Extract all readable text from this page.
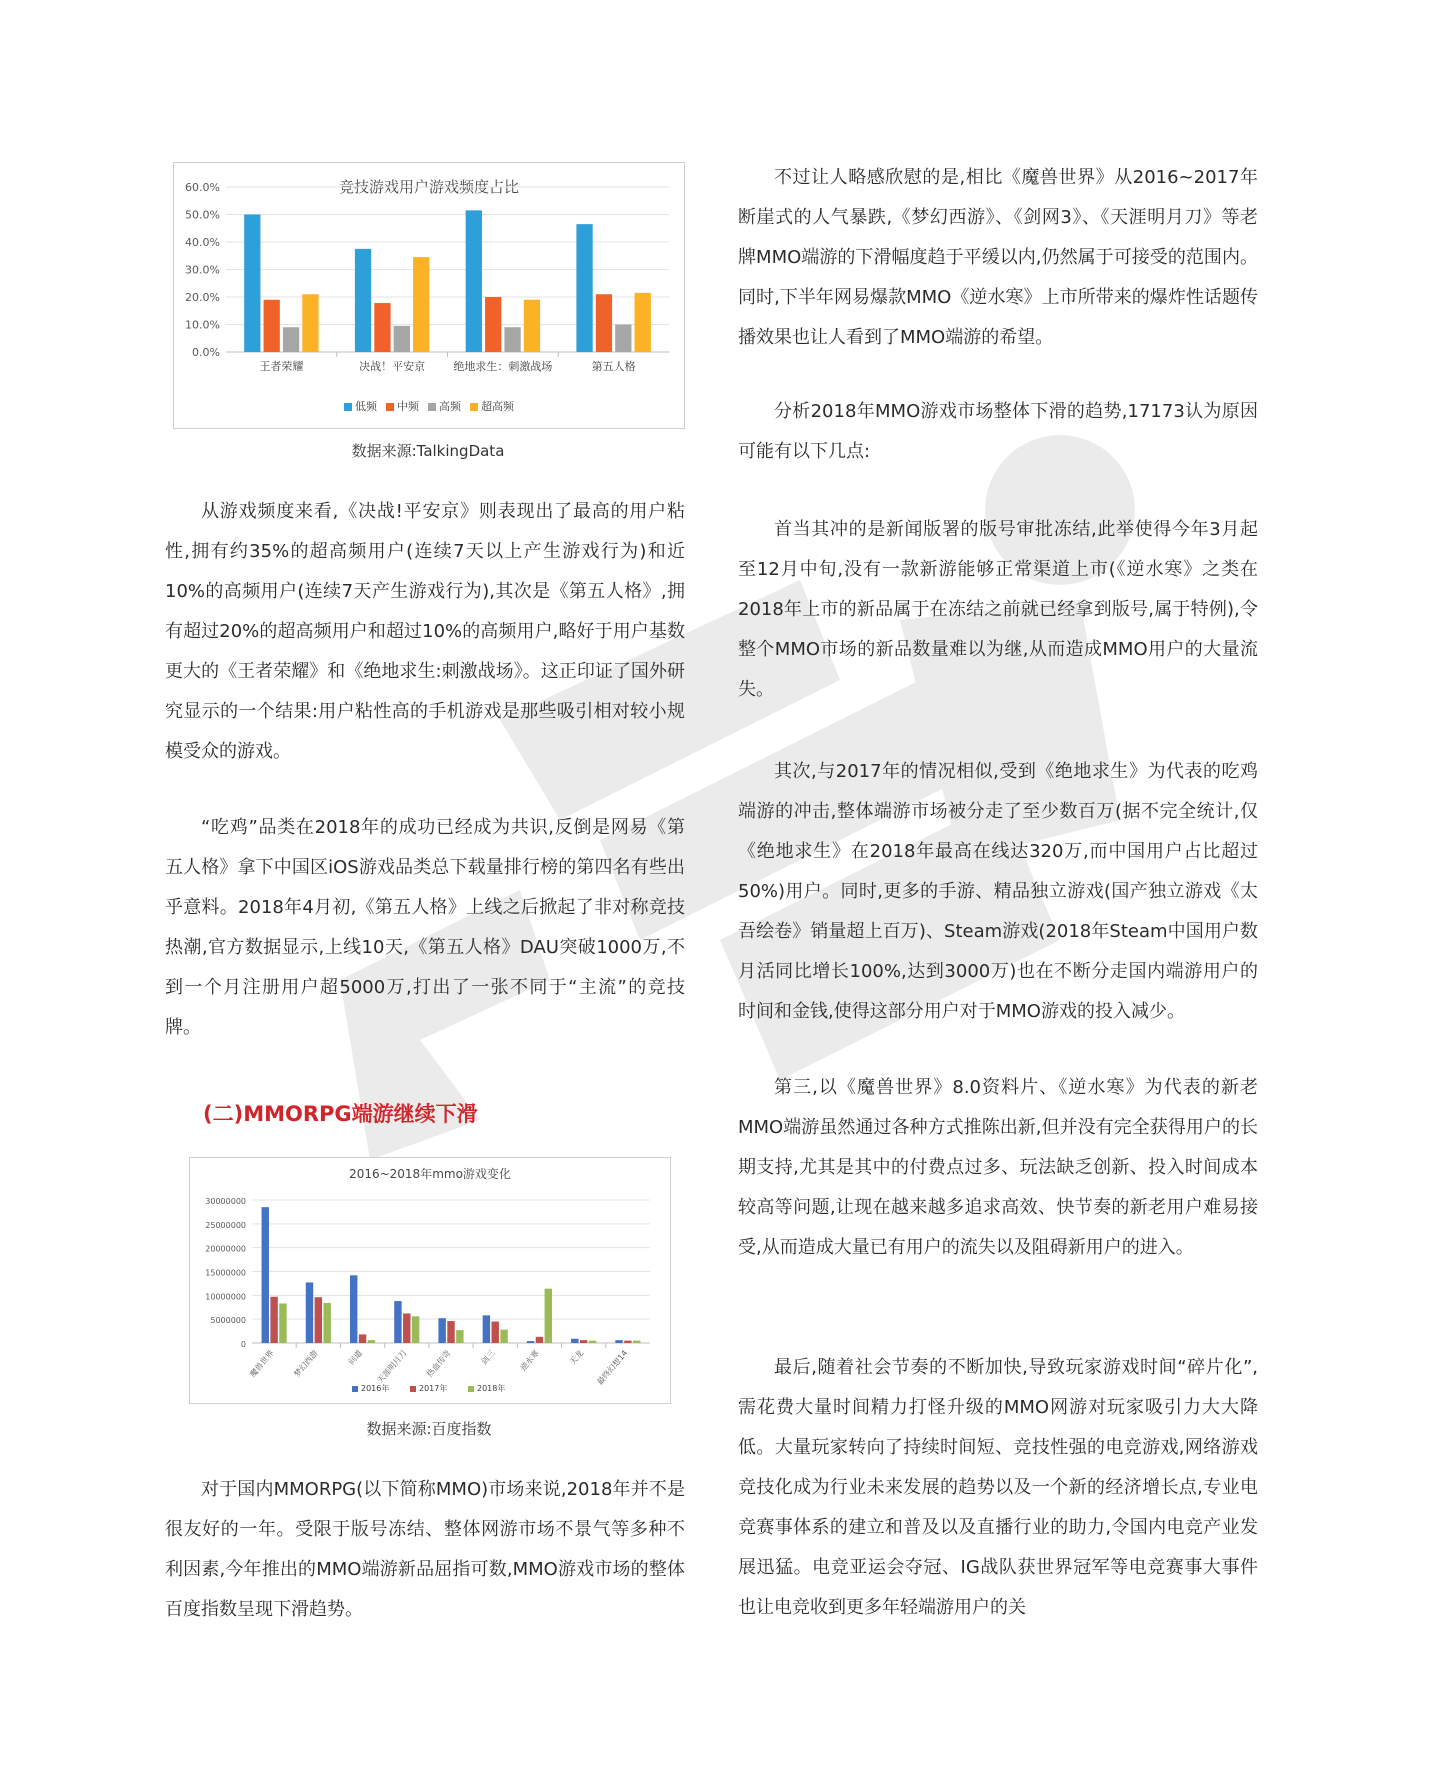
竞技游戏用户游戏频度占比
0.0%
10.0%
20.0%
30.0%
40.0%
50.0%
60.0%
王者荣耀	决战！平安京	绝地求生：刺激战场	第五人格
低频 中频 高频 超高频
数据来源:TalkingData

从游戏频度来看,《决战!平安京》则表现出了最高的用户粘性,拥有约35%的超高频用户(连续7天以上产生游戏行为)和近10%的高频用户(连续7天产生游戏行为),其次是《第五人格》,拥有超过20%的超高频用户和超过10%的高频用户,略好于用户基数更大的《王者荣耀》和《绝地求生:刺激战场》。这正印证了国外研究显示的一个结果:用户粘性高的手机游戏是那些吸引相对较小规模受众的游戏。

“吃鸡”品类在2018年的成功已经成为共识,反倒是网易《第五人格》拿下中国区iOS游戏品类总下载量排行榜的第四名有些出乎意料。2018年4月初,《第五人格》上线之后掀起了非对称竞技热潮,官方数据显示,上线10天,《第五人格》DAU突破1000万,不到一个月注册用户超5000万,打出了一张不同于“主流”的竞技牌。

(二)MMORPG端游继续下滑
2016~2018年mmo游戏变化
0
5000000
10000000
15000000
20000000
25000000
30000000
魔兽世界 梦幻西游	问道 天涯明月刀 热血传奇	剑三	逆水寒	天龙 最终幻想14
2016年	2017年	2018年
数据来源:百度指数

对于国内MMORPG(以下简称MMO)市场来说,2018年并不是很友好的一年。受限于版号冻结、整体网游市场不景气等多种不利因素,今年推出的MMO端游新品屈指可数,MMO游戏市场的整体百度指数呈现下滑趋势。

不过让人略感欣慰的是,相比《魔兽世界》从2016~2017年断崖式的人气暴跌,《梦幻西游》、《剑网3》、《天涯明月刀》等老牌MMO端游的下滑幅度趋于平缓以内,仍然属于可接受的范围内。同时,下半年网易爆款MMO《逆水寒》上市所带来的爆炸性话题传播效果也让人看到了MMO端游的希望。

分析2018年MMO游戏市场整体下滑的趋势,17173认为原因可能有以下几点:

首当其冲的是新闻版署的版号审批冻结,此举使得今年3月起至12月中旬,没有一款新游能够正常渠道上市(《逆水寒》之类在2018年上市的新品属于在冻结之前就已经拿到版号,属于特例),令整个MMO市场的新品数量难以为继,从而造成MMO用户的大量流失。

其次,与2017年的情况相似,受到《绝地求生》为代表的吃鸡端游的冲击,整体端游市场被分走了至少数百万(据不完全统计,仅《绝地求生》在2018年最高在线达320万,而中国用户占比超过50%)用户。同时,更多的手游、精品独立游戏(国产独立游戏《太吾绘卷》销量超上百万)、Steam游戏(2018年Steam中国用户数月活同比增长100%,达到3000万)也在不断分走国内端游用户的时间和金钱,使得这部分用户对于MMO游戏的投入减少。

第三,以《魔兽世界》8.0资料片、《逆水寒》为代表的新老MMO端游虽然通过各种方式推陈出新,但并没有完全获得用户的长期支持,尤其是其中的付费点过多、玩法缺乏创新、投入时间成本较高等问题,让现在越来越多追求高效、快节奏的新老用户难易接受,从而造成大量已有用户的流失以及阻碍新用户的进入。

最后,随着社会节奏的不断加快,导致玩家游戏时间“碎片化”,需花费大量时间精力打怪升级的MMO网游对玩家吸引力大大降低。大量玩家转向了持续时间短、竞技性强的电竞游戏,网络游戏竞技化成为行业未来发展的趋势以及一个新的经济增长点,专业电竞赛事体系的建立和普及以及直播行业的助力,令国内电竞产业发展迅猛。电竞亚运会夺冠、IG战队获世界冠军等电竞赛事大事件也让电竞收到更多年轻端游用户的关
